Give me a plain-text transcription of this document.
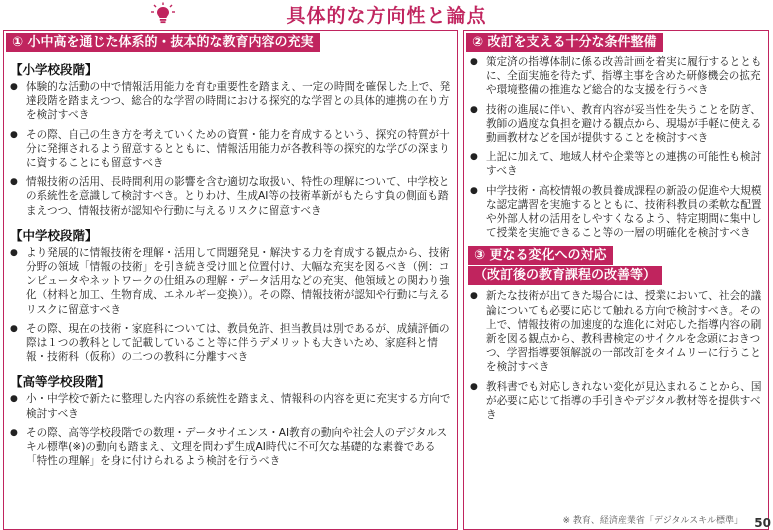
具体的な方向性と論点
① 小中高を通じた体系的・抜本的な教育内容の充実
【小学校段階】
● 体験的な活動の中で情報活用能力を育む重要性を踏まえ、一定の時間を確保した上で、発達段階を踏まえつつ、総合的な学習の時間における探究的な学習との具体的連携の在り方を検討すべき
● その際、自己の生き方を考えていくための資質・能力を育成するという、探究の特質が十分に発揮されるよう留意するとともに、情報活用能力が各教科等の探究的な学びの深まりに資することにも留意すべき
● 情報技術の活用、長時間利用の影響を含む適切な取扱い、特性の理解について、中学校との系統性を意識して検討すべき。とりわけ、生成AI等の技術革新がもたらす負の側面も踏まえつつ、情報技術が認知や行動に与えるリスクに留意すべき
【中学校段階】
● より発展的に情報技術を理解・活用して問題発見・解決する力を育成する観点から、技術分野の領域「情報の技術」を引き続き受け皿と位置付け、大幅な充実を図るべき（例：コンピュータやネットワークの仕組みの理解・データ活用などの充実、他領域との関わり強化（材料と加工、生物育成、エネルギー変換））。その際、情報技術が認知や行動に与えるリスクに留意すべき
● その際、現在の技術・家庭科については、教員免許、担当教員は別であるが、成績評価の際は１つの教科として記載していること等に伴うデメリットも大きいため、家庭科と情報・技術科（仮称）の二つの教科に分離すべき
【高等学校段階】
● 小・中学校で新たに整理した内容の系統性を踏まえ、情報科の内容を更に充実する方向で検討すべき
● その際、高等学校段階での数理・データサイエンス・AI教育の動向や社会人のデジタルスキル標準(※)の動向も踏まえ、文理を問わず生成AI時代に不可欠な基礎的な素養である「特性の理解」を身に付けられるよう検討を行うべき
② 改訂を支える十分な条件整備
● 策定済の指導体制に係る改善計画を着実に履行するとともに、全面実施を待たず、指導主事を含めた研修機会の拡充や環境整備の推進など総合的な支援を行うべき
● 技術の進展に伴い、教育内容が妥当性を失うことを防ぎ、教師の過度な負担を避ける観点から、現場が手軽に使える動画教材などを国が提供することを検討すべき
● 上記に加えて、地域人材や企業等との連携の可能性も検討すべき
● 中学技術・高校情報の教員養成課程の新設の促進や大規模な認定講習を実施するとともに、技術科教員の柔軟な配置や外部人材の活用をしやすくなるよう、特定期間に集中して授業を実施できること等の一層の明確化を検討すべき
③ 更なる変化への対応
（改訂後の教育課程の改善等）
● 新たな技術が出てきた場合には、授業において、社会的議論についても必要に応じて触れる方向で検討すべき。その上で、情報技術の加速度的な進化に対応した指導内容の刷新を図る観点から、教科書検定のサイクルを念頭におきつつ、学習指導要領解説の一部改訂をタイムリーに行うことを検討すべき
● 教科書でも対応しきれない変化が見込まれることから、国が必要に応じて指導の手引きやデジタル教材等を提供すべき
※ 教育、経済産業省「デジタルスキル標準」 50
